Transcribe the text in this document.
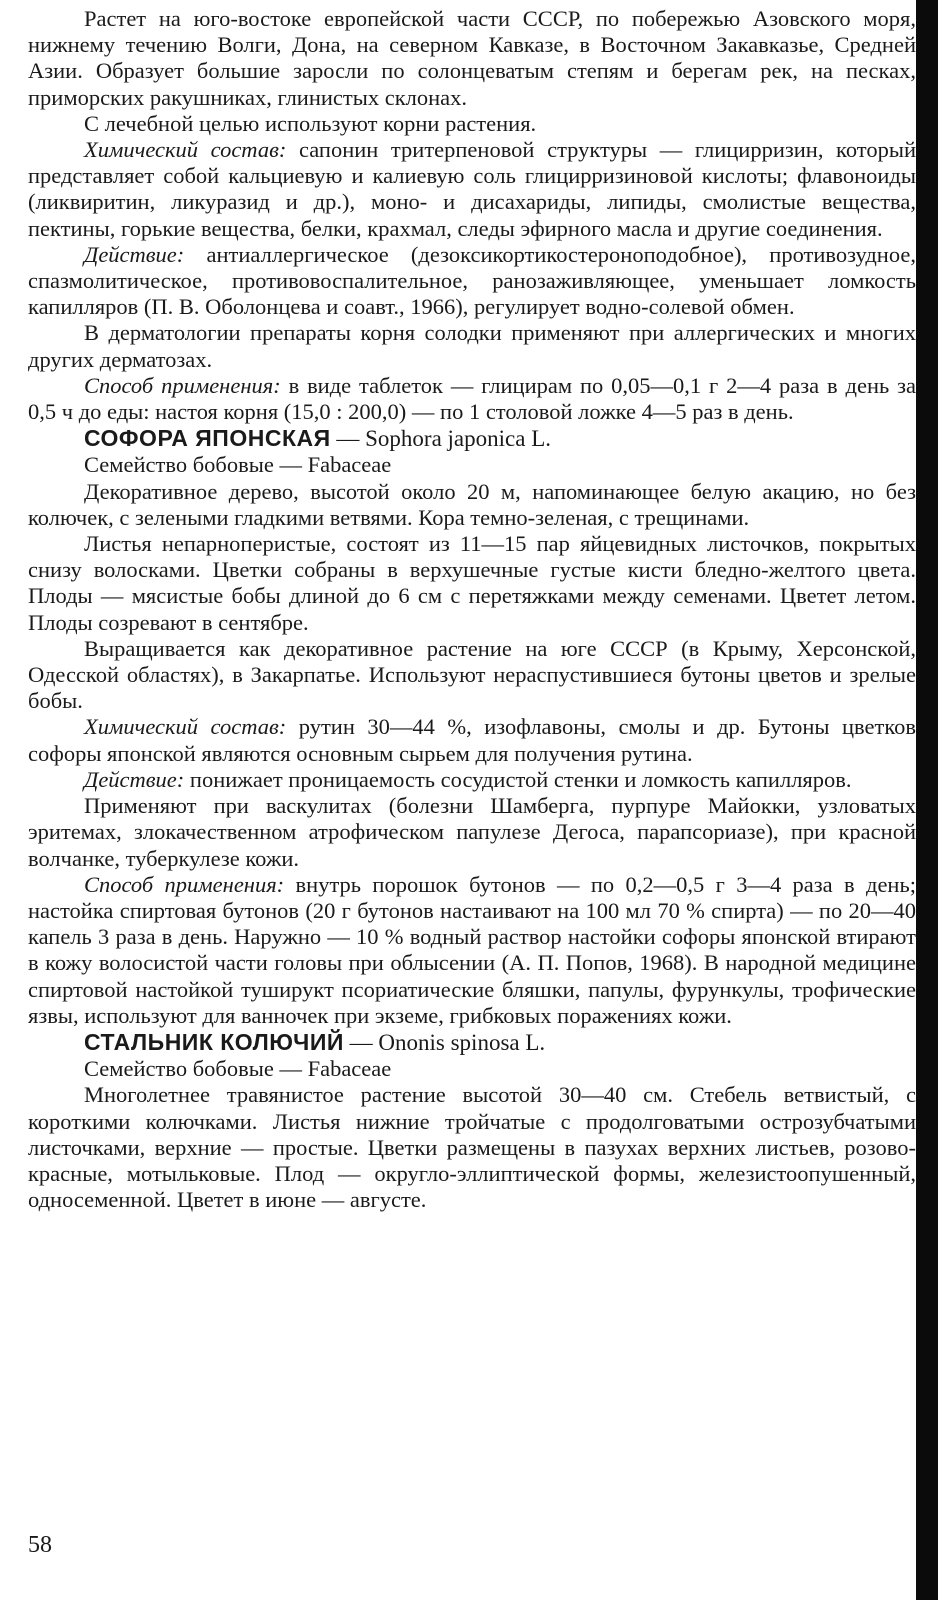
Растет на юго-востоке европейской части СССР, по побережью Азовского моря, нижнему течению Волги, Дона, на северном Кавказе, в Восточном Закавказье, Средней Азии. Образует большие заросли по солонцеватым степям и берегам рек, на песках, приморских ракушниках, глинистых склонах.

С лечебной целью используют корни растения.

Химический состав: сапонин тритерпеновой структуры — глицирризин, который представляет собой кальциевую и калиевую соль глицирризиновой кислоты; флавоноиды (ликвиритин, ликуразид и др.), моно- и дисахариды, липиды, смолистые вещества, пектины, горькие вещества, белки, крахмал, следы эфирного масла и другие соединения.

Действие: антиаллергическое (дезоксикортикостероноподобное), противозудное, спазмолитическое, противовоспалительное, ранозаживляющее, уменьшает ломкость капилляров (П. В. Оболонцева и соавт., 1966), регулирует водно-солевой обмен.

В дерматологии препараты корня солодки применяют при аллергических и многих других дерматозах.

Способ применения: в виде таблеток — глицирам по 0,05—0,1 г 2—4 раза в день за 0,5 ч до еды: настоя корня (15,0 : 200,0) — по 1 столовой ложке 4—5 раз в день.

СОФОРА ЯПОНСКАЯ — Sophora japonica L.

Семейство бобовые — Fabaceae

Декоративное дерево, высотой около 20 м, напоминающее белую акацию, но без колючек, с зелеными гладкими ветвями. Кора темно-зеленая, с трещинами.

Листья непарноперистые, состоят из 11—15 пар яйцевидных листочков, покрытых снизу волосками. Цветки собраны в верхушечные густые кисти бледно-желтого цвета. Плоды — мясистые бобы длиной до 6 см с перетяжками между семенами. Цветет летом. Плоды созревают в сентябре.

Выращивается как декоративное растение на юге СССР (в Крыму, Херсонской, Одесской областях), в Закарпатье. Используют нераспустившиеся бутоны цветов и зрелые бобы.

Химический состав: рутин 30—44 %, изофлавоны, смолы и др. Бутоны цветков софоры японской являются основным сырьем для получения рутина.

Действие: понижает проницаемость сосудистой стенки и ломкость капилляров.

Применяют при васкулитах (болезни Шамберга, пурпуре Майокки, узловатых эритемах, злокачественном атрофическом папулезе Дегоса, парапсориазе), при красной волчанке, туберкулезе кожи.

Способ применения: внутрь порошок бутонов — по 0,2—0,5 г 3—4 раза в день; настойка спиртовая бутонов (20 г бутонов настаивают на 100 мл 70 % спирта) — по 20—40 капель 3 раза в день. Наружно — 10 % водный раствор настойки софоры японской втирают в кожу волосистой части головы при облысении (А. П. Попов, 1968). В народной медицине спиртовой настойкой туширукт псориатические бляшки, папулы, фурункулы, трофические язвы, используют для ванночек при экземе, грибковых поражениях кожи.

СТАЛЬНИК КОЛЮЧИЙ — Ononis spinosa L.

Семейство бобовые — Fabaceae

Многолетнее травянистое растение высотой 30—40 см. Стебель ветвистый, с короткими колючками. Листья нижние тройчатые с продолговатыми острозубчатыми листочками, верхние — простые. Цветки размещены в пазухах верхних листьев, розово-красные, мотыльковые. Плод — округло-эллиптической формы, железистоопушенный, односеменной. Цветет в июне — августе.

58
